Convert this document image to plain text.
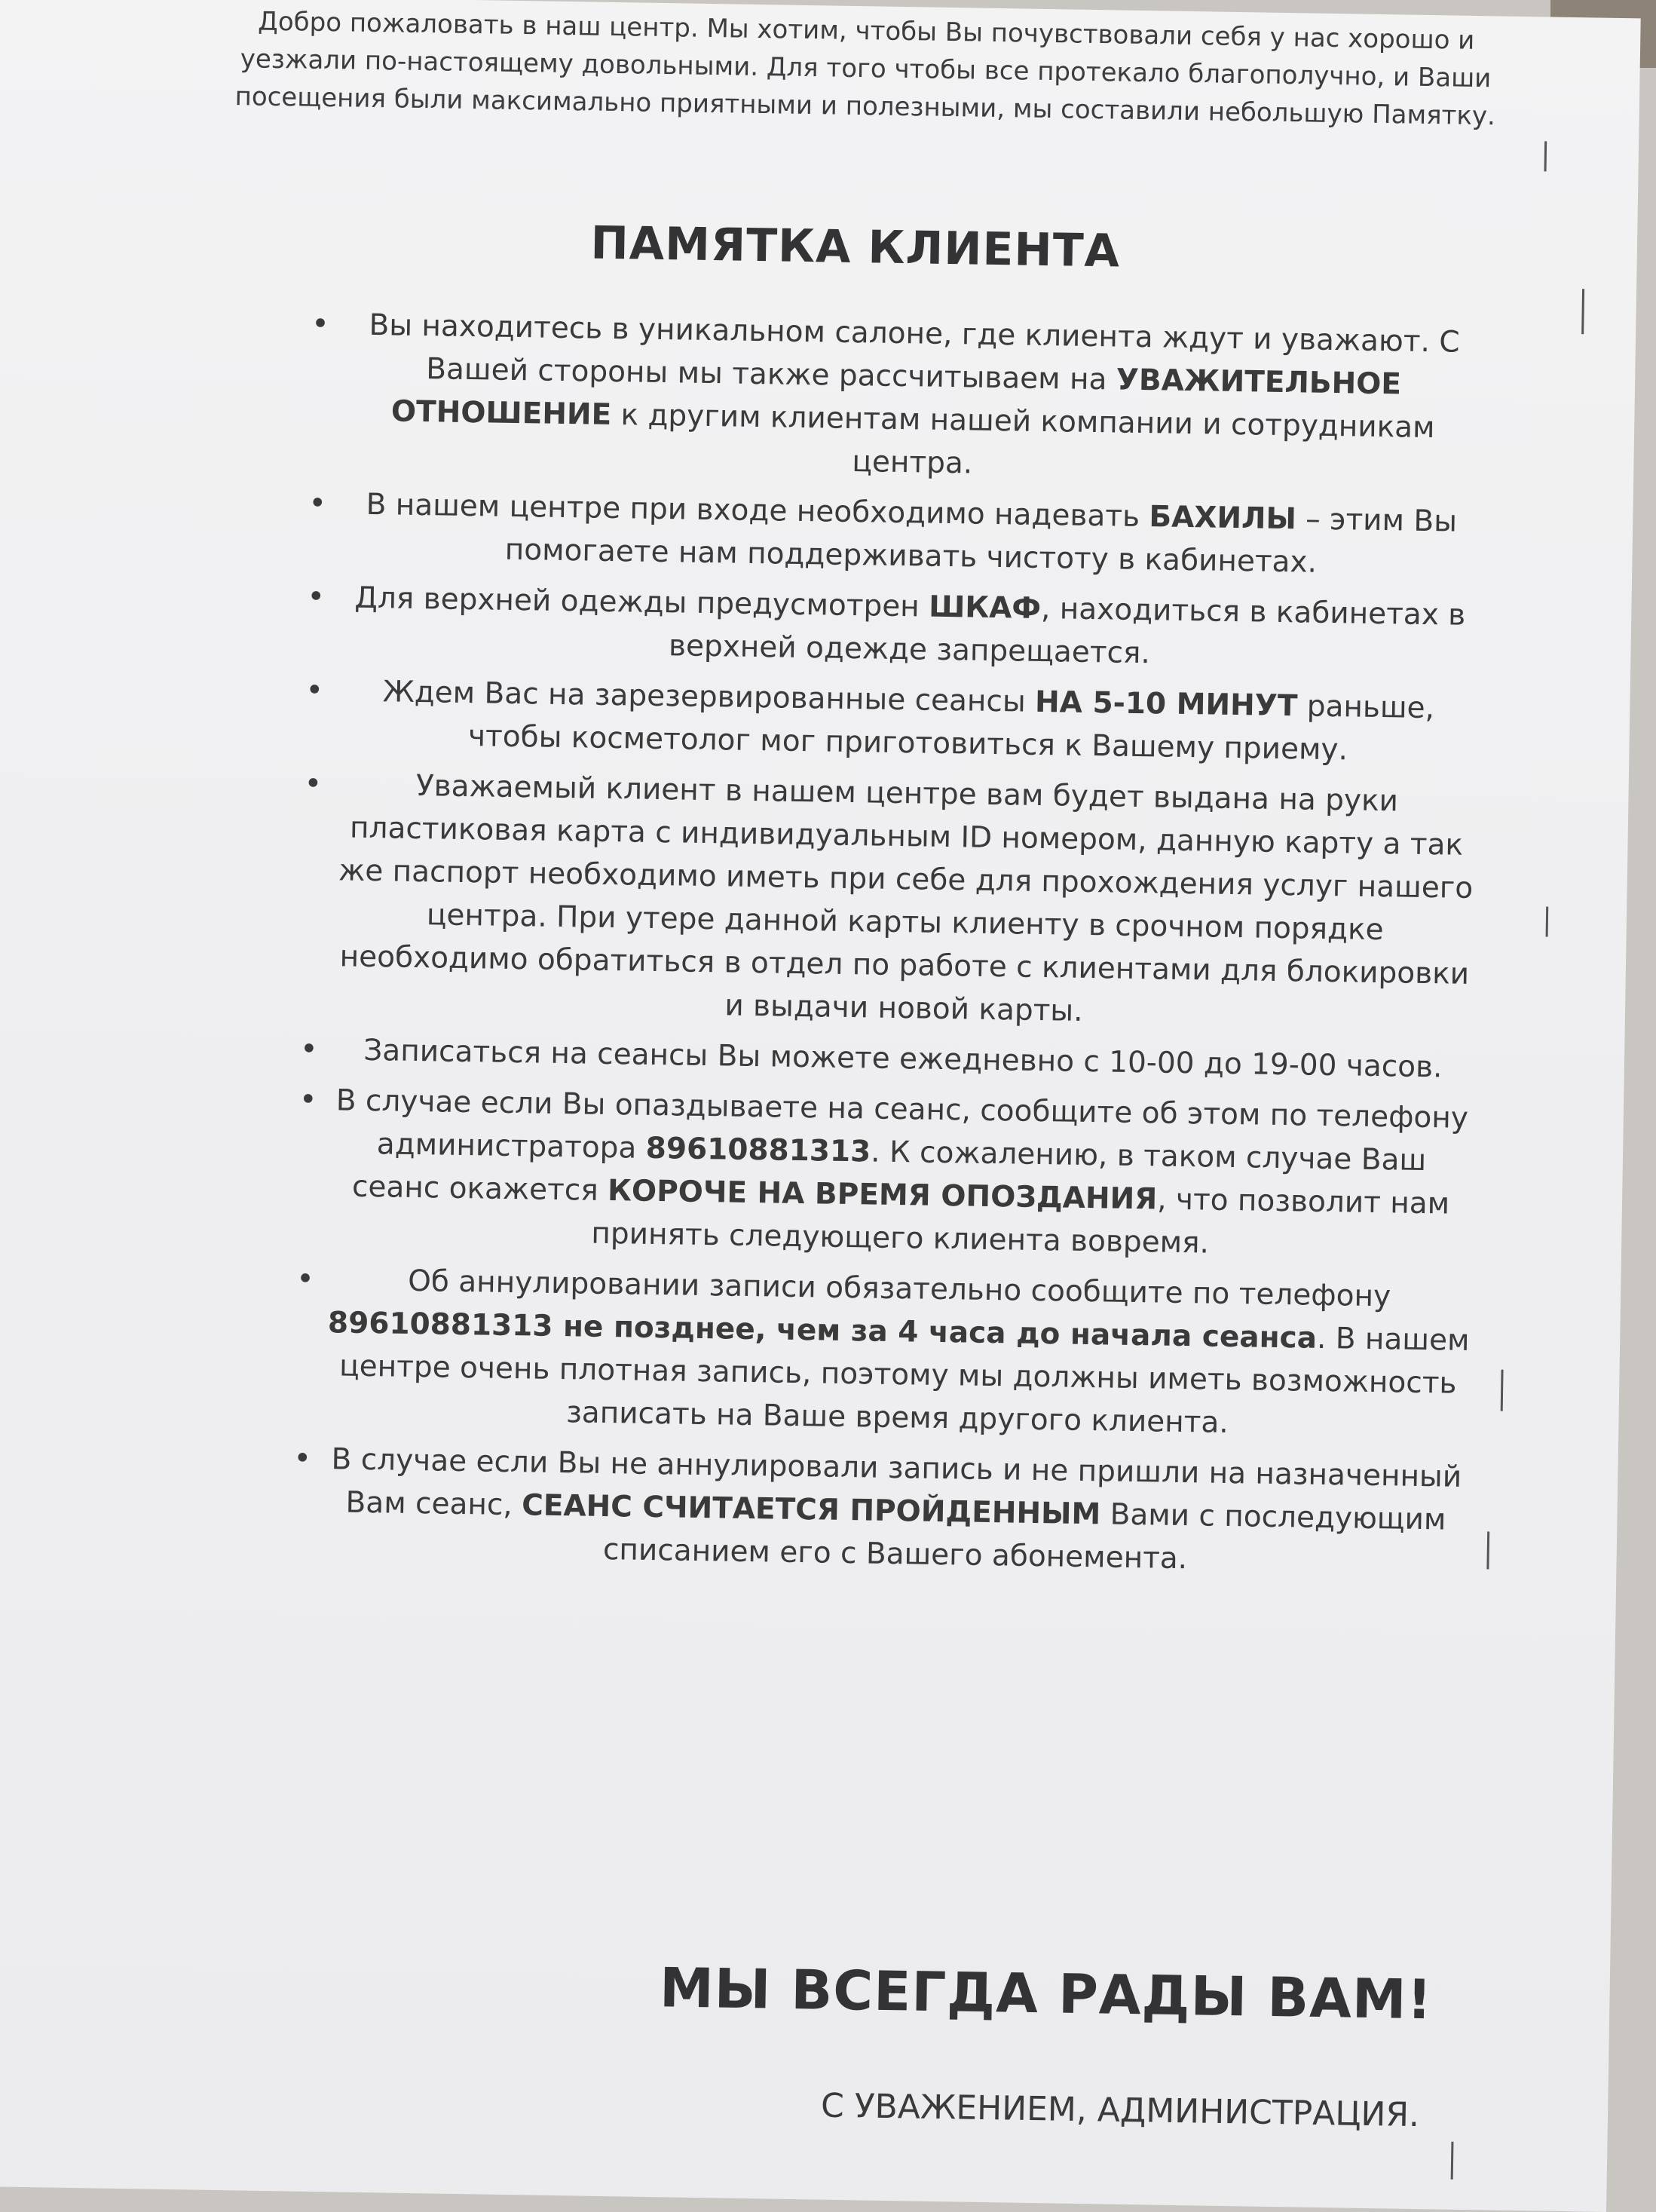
Добро пожаловать в наш центр. Мы хотим, чтобы Вы почувствовали себя у нас хорошо и уезжали по-настоящему довольными. Для того чтобы все протекало благополучно, и Ваши посещения были максимально приятными и полезными, мы составили небольшую Памятку.
ПАМЯТКА КЛИЕНТА
• Вы находитесь в уникальном салоне, где клиента ждут и уважают. С Вашей стороны мы также рассчитываем на УВАЖИТЕЛЬНОЕ ОТНОШЕНИЕ к другим клиентам нашей компании и сотрудникам центра.
• В нашем центре при входе необходимо надевать БАХИЛЫ – этим Вы помогаете нам поддерживать чистоту в кабинетах.
• Для верхней одежды предусмотрен ШКАФ, находиться в кабинетах в верхней одежде запрещается.
• Ждем Вас на зарезервированные сеансы НА 5-10 МИНУТ раньше, чтобы косметолог мог приготовиться к Вашему приему.
•	Уважаемый клиент в нашем центре вам будет выдана на руки пластиковая карта с индивидуальным ID номером, данную карту а так же паспорт необходимо иметь при себе для прохождения услуг нашего центра. При утере данной карты клиенту в срочном порядке необходимо обратиться в отдел по работе с клиентами для блокировки и выдачи новой карты.
• Записаться на сеансы Вы можете ежедневно с 10-00 до 19-00 часов.
• В случае если Вы опаздываете на сеанс, сообщите об этом по телефону администратора 89610881313. К сожалению, в таком случае Ваш сеанс окажется КОРОЧЕ НА ВРЕМЯ ОПОЗДАНИЯ, что позволит нам принять следующего клиента вовремя.
•	Об аннулировании записи обязательно сообщите по телефону 89610881313 не позднее, чем за 4 часа до начала сеанса. В нашем центре очень плотная запись, поэтому мы должны иметь возможность записать на Ваше время другого клиента.
• В случае если Вы не аннулировали запись и не пришли на назначенный Вам сеанс, СЕАНС СЧИТАЕТСЯ ПРОЙДЕННЫМ Вами с последующим списанием его с Вашего абонемента.
МЫ ВСЕГДА РАДЫ ВАМ!
С УВАЖЕНИЕМ, АДМИНИСТРАЦИЯ.
